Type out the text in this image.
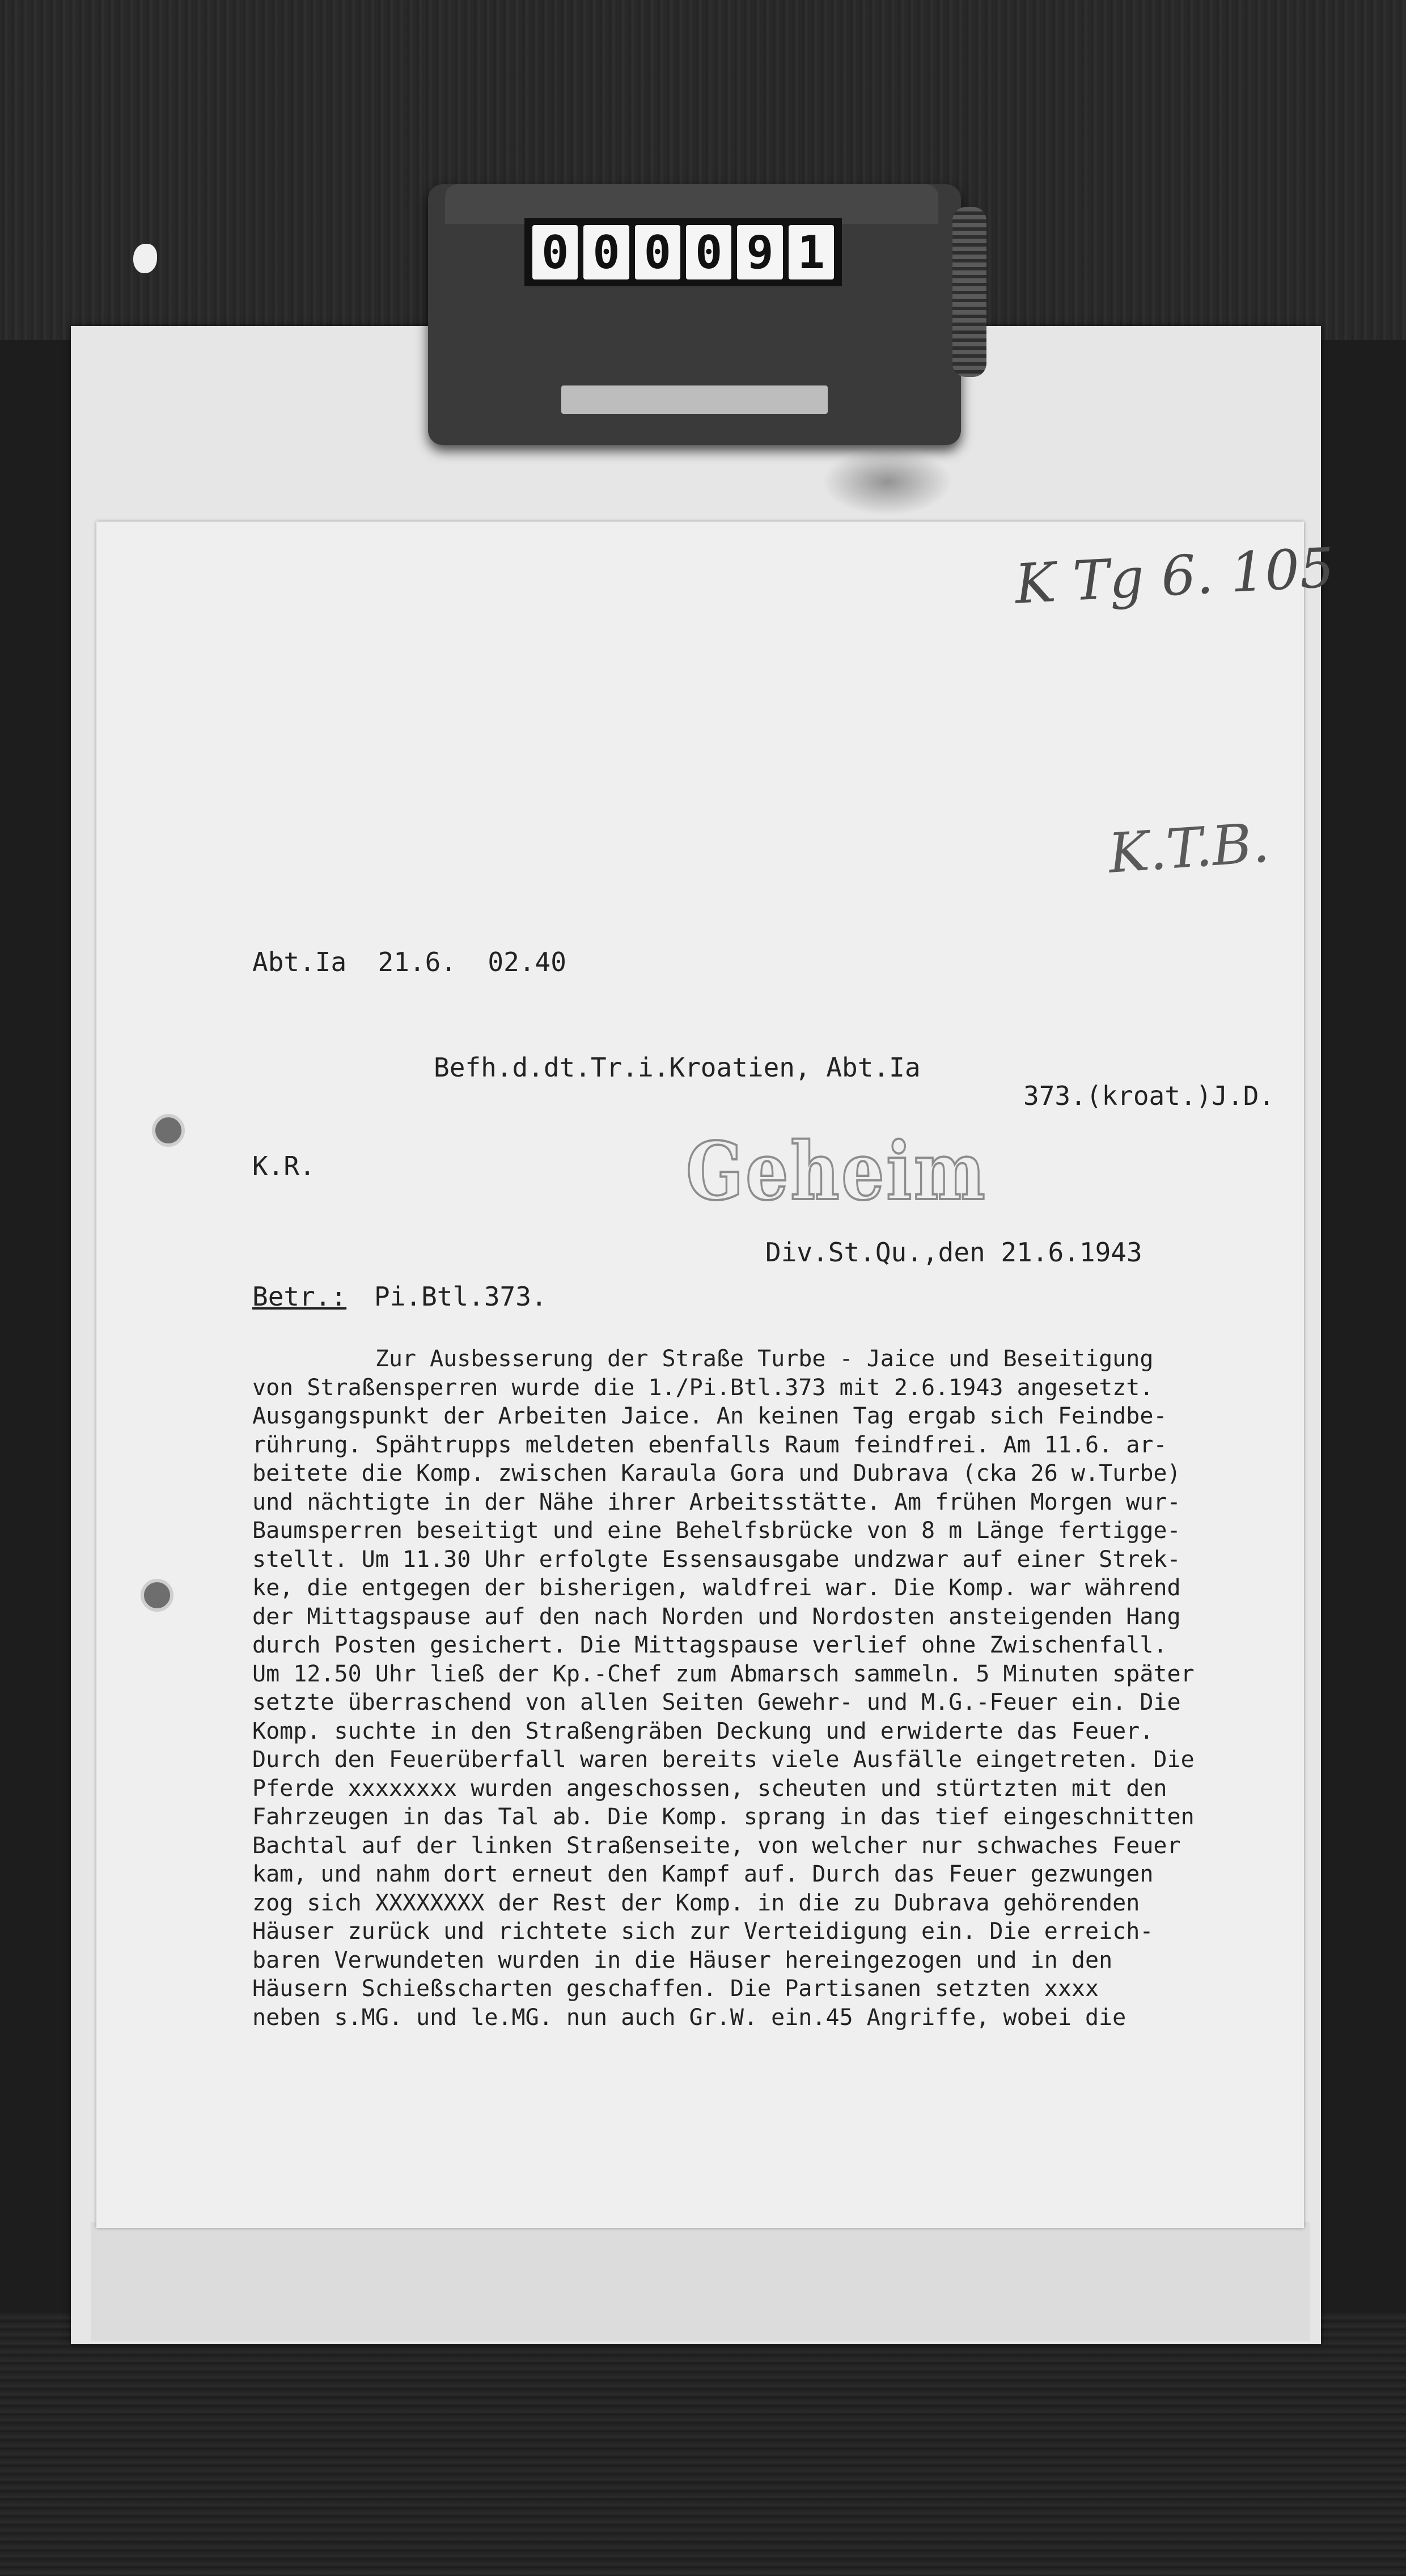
0 0 0 0 9 1
K Tg 6. 105
K.T.B.
Abt.Ia  21.6.  02.40
Befh.d.dt.Tr.i.Kroatien, Abt.Ia
373.(kroat.)J.D.
K.R.	Geheim
Div.St.Qu.,den 21.6.1943
Betr.: Pi.Btl.373.
Zur Ausbesserung der Straße Turbe - Jaice und Beseitigung
von Straßensperren wurde die 1./Pi.Btl.373 mit 2.6.1943 angesetzt.
Ausgangspunkt der Arbeiten Jaice. An keinen Tag ergab sich Feindbe-
rührung. Spähtrupps meldeten ebenfalls Raum feindfrei. Am 11.6. ar-
beitete die Komp. zwischen Karaula Gora und Dubrava (cka 26 w.Turbe)
und nächtigte in der Nähe ihrer Arbeitsstätte. Am frühen Morgen wur-
Baumsperren beseitigt und eine Behelfsbrücke von 8 m Länge fertigge-
stellt. Um 11.30 Uhr erfolgte Essensausgabe undzwar auf einer Strek-
ke, die entgegen der bisherigen, waldfrei war. Die Komp. war während
der Mittagspause auf den nach Norden und Nordosten ansteigenden Hang
durch Posten gesichert. Die Mittagspause verlief ohne Zwischenfall.
Um 12.50 Uhr ließ der Kp.-Chef zum Abmarsch sammeln. 5 Minuten später
setzte überraschend von allen Seiten Gewehr- und M.G.-Feuer ein. Die
Komp. suchte in den Straßengräben Deckung und erwiderte das Feuer.
Durch den Feuerüberfall waren bereits viele Ausfälle eingetreten. Die
Pferde xxxxxxxx wurden angeschossen, scheuten und stürtzten mit den
Fahrzeugen in das Tal ab. Die Komp. sprang in das tief eingeschnitten
Bachtal auf der linken Straßenseite, von welcher nur schwaches Feuer
kam, und nahm dort erneut den Kampf auf. Durch das Feuer gezwungen
zog sich XXXXXXXX der Rest der Komp. in die zu Dubrava gehörenden
Häuser zurück und richtete sich zur Verteidigung ein. Die erreich-
baren Verwundeten wurden in die Häuser hereingezogen und in den
Häusern Schießscharten geschaffen. Die Partisanen setzten xxxx
neben s.MG. und le.MG. nun auch Gr.W. ein.45 Angriffe, wobei die
